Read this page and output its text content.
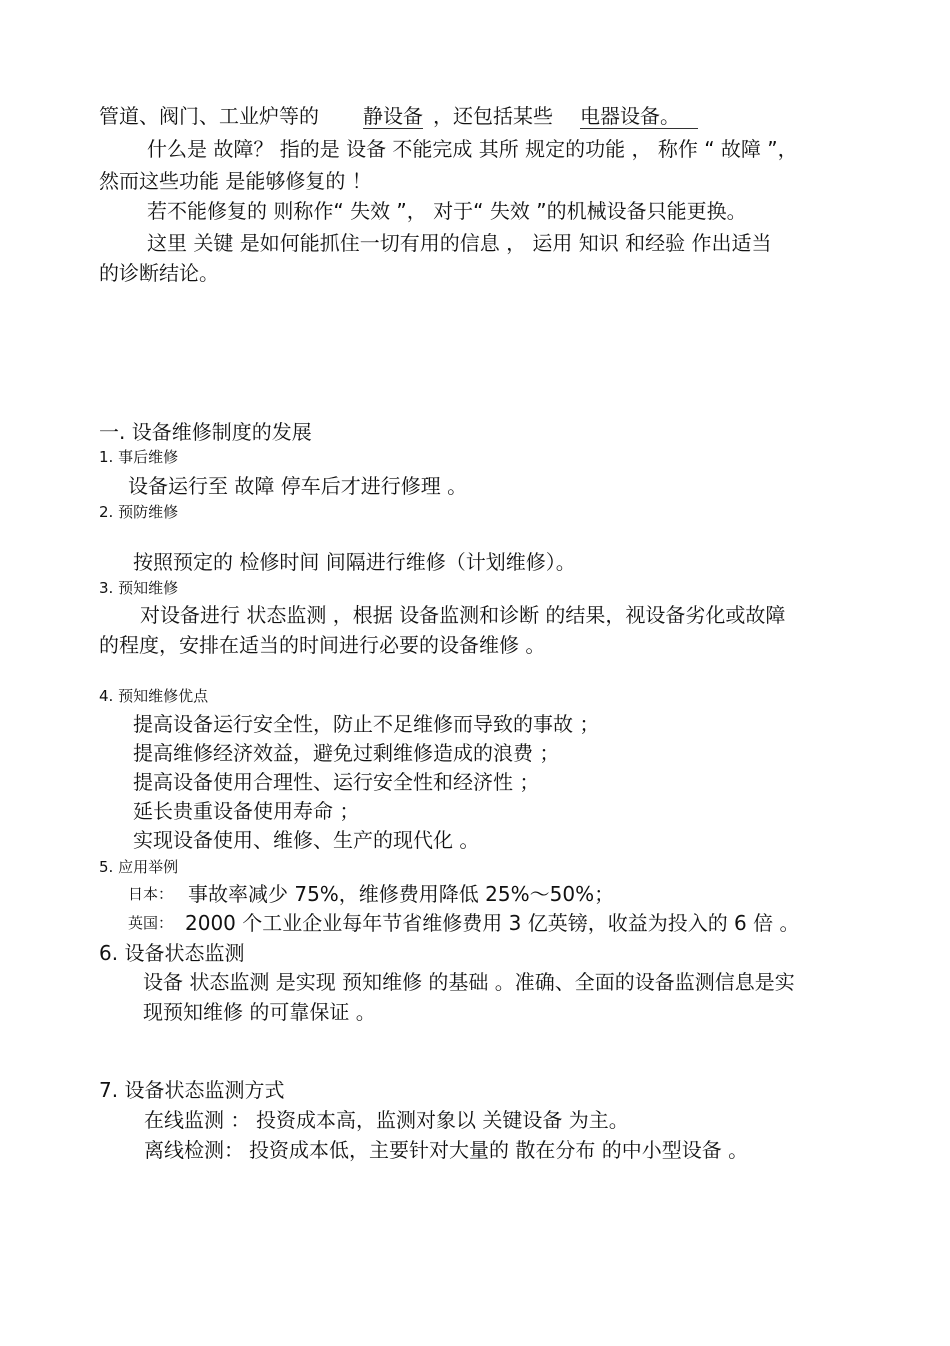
管道、阀门、工业炉等的 静设备 ，还包括某些 电器设备。

什么是 故障？ 指的是 设备 不能完成 其所 规定的功能 ， 称作 “ 故障 ”，

然而这些功能 是能够修复的 ！

若不能修复的 则称作“ 失效 ”， 对于“ 失效 ”的机械设备只能更换。

这里 关键 是如何能抓住一切有用的信息 ， 运用 知识 和经验 作出适当

的诊断结论。

一. 设备维修制度的发展

1. 事后维修

设备运行至 故障 停车后才进行修理 。

2. 预防维修

按照预定的 检修时间 间隔进行维修（计划维修）。

3. 预知维修

对设备进行 状态监测 ，根据 设备监测和诊断 的结果，视设备劣化或故障

的程度，安排在适当的时间进行必要的设备维修 。

4. 预知维修优点

提高设备运行安全性，防止不足维修而导致的事故 ；

提高维修经济效益，避免过剩维修造成的浪费 ；

提高设备使用合理性、运行安全性和经济性 ；

延长贵重设备使用寿命 ；

实现设备使用、维修、生产的现代化 。

5. 应用举例

日本： 事故率减少 75%，维修费用降低 25%～50%；
英国： 2000 个工业企业每年节省维修费用 3 亿英镑，收益为投入的 6 倍 。

6. 设备状态监测

设备 状态监测 是实现 预知维修 的基础 。准确、全面的设备监测信息是实

现预知维修 的可靠保证 。

7. 设备状态监测方式

在线监测 ： 投资成本高，监测对象以 关键设备 为主。
离线检测： 投资成本低，主要针对大量的 散在分布 的中小型设备 。
